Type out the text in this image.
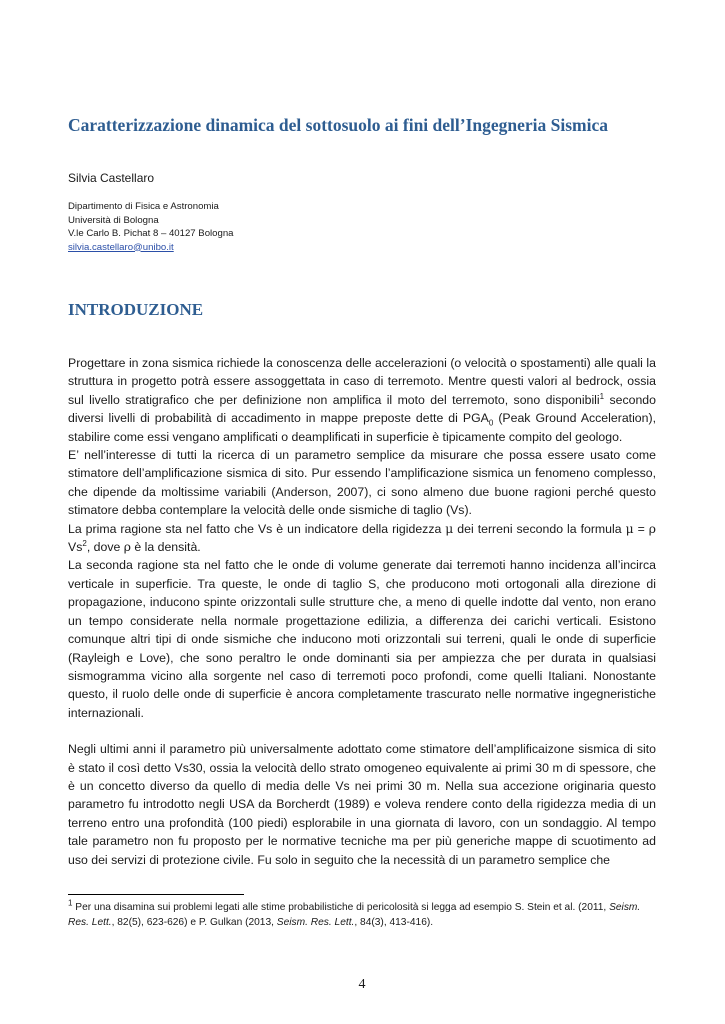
Caratterizzazione dinamica del sottosuolo ai fini dell’Ingegneria Sismica
Silvia Castellaro
Dipartimento di Fisica e Astronomia
Università di Bologna
V.le Carlo B. Pichat 8 – 40127 Bologna
silvia.castellaro@unibo.it
INTRODUZIONE

Progettare in zona sismica richiede la conoscenza delle accelerazioni (o velocità o spostamenti) alle quali la struttura in progetto potrà essere assoggettata in caso di terremoto. Mentre questi valori al bedrock, ossia sul livello stratigrafico che per definizione non amplifica il moto del terremoto, sono disponibili$^1$ secondo diversi livelli di probabilità di accadimento in mappe preposte dette di $PGA_0$ (Peak Ground Acceleration), stabilire come essi vengano amplificati o deamplificati in superficie è tipicamente compito del geologo.

E’ nell’interesse di tutti la ricerca di un parametro semplice da misurare che possa essere usato come stimatore dell’amplificazione sismica di sito. Pur essendo l’amplificazione sismica un fenomeno complesso, che dipende da moltissime variabili (Anderson, 2007), ci sono almeno due buone ragioni perché questo stimatore debba contemplare la velocità delle onde sismiche di taglio (Vs).

La prima ragione sta nel fatto che Vs è un indicatore della rigidezza μ dei terreni secondo la formula μ = ρ Vs$^2$, dove ρ è la densità.

La seconda ragione sta nel fatto che le onde di volume generate dai terremoti hanno incidenza all’incirca verticale in superficie. Tra queste, le onde di taglio S, che producono moti ortogonali alla direzione di propagazione, inducono spinte orizzontali sulle strutture che, a meno di quelle indotte dal vento, non erano un tempo considerate nella normale progettazione edilizia, a differenza dei carichi verticali. Esistono comunque altri tipi di onde sismiche che inducono moti orizzontali sui terreni, quali le onde di superficie (Rayleigh e Love), che sono peraltro le onde dominanti sia per ampiezza che per durata in qualsiasi sismogramma vicino alla sorgente nel caso di terremoti poco profondi, come quelli Italiani. Nonostante questo, il ruolo delle onde di superficie è ancora completamente trascurato nelle normative ingegneristiche internazionali.

Negli ultimi anni il parametro più universalmente adottato come stimatore dell’amplificaizone sismica di sito è stato il così detto Vs30, ossia la velocità dello strato omogeneo equivalente ai primi 30 m di spessore, che è un concetto diverso da quello di media delle Vs nei primi 30 m. Nella sua accezione originaria questo parametro fu introdotto negli USA da Borcherdt (1989) e voleva rendere conto della rigidezza media di un terreno entro una profondità (100 piedi) esplorabile in una giornata di lavoro, con un sondaggio. Al tempo tale parametro non fu proposto per le normative tecniche ma per più generiche mappe di scuotimento ad uso dei servizi di protezione civile. Fu solo in seguito che la necessità di un parametro semplice che

$^1$ Per una disamina sui problemi legati alle stime probabilistiche di pericolosità si legga ad esempio S. Stein et al. (2011, Seism. Res. Lett., 82(5), 623-626) e P. Gulkan (2013, Seism. Res. Lett., 84(3), 413-416).
4
